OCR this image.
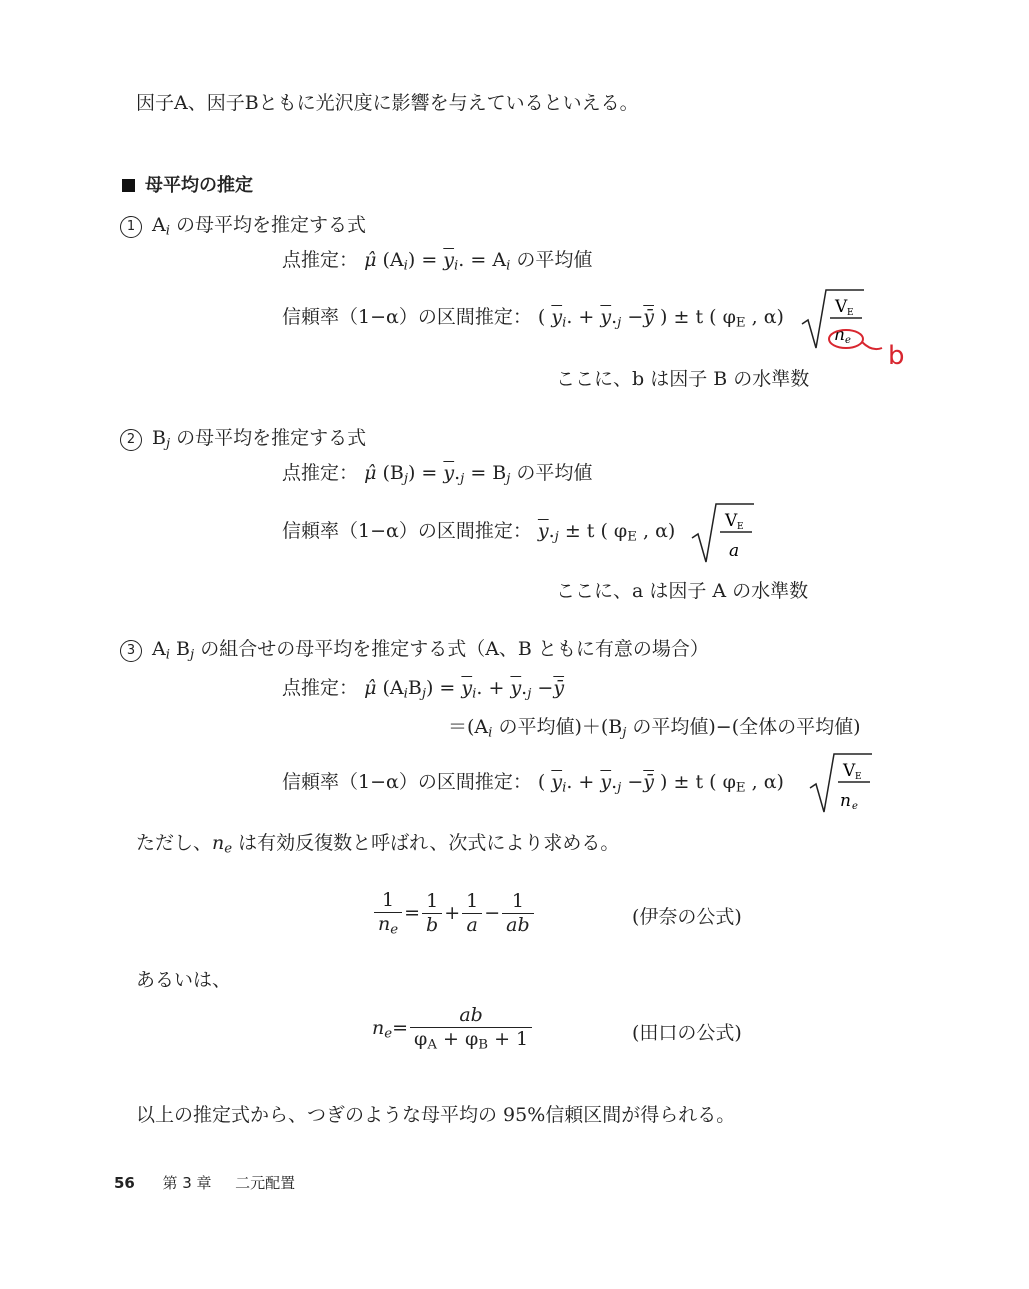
因子A、因子Bともに光沢度に影響を与えているといえる。
母平均の推定
1 $A_i$ の母平均を推定する式
点推定： μ̂ $(A_i) = \overline{y}_i$. = $A_i$ の平均値
信頼率（1−α）の区間推定： ( $\overline{y}_i$. + $\overline{y}._j -\overline{ȳ}$ ) ± t ( $\varphi_E$ , α)	V E
n e
b
ここに、b は因子 B の水準数
2 $B_j$ の母平均を推定する式
点推定： μ̂ $(B_j) = \overline{y}._j = B_j$ の平均値
信頼率（1−α）の区間推定： $\overline{y}._j \pm t$ ( $\varphi_E$ , α)	V E
a
ここに、a は因子 A の水準数
3 $A_i$ $B_j$ の組合せの母平均を推定する式（A、B ともに有意の場合）
点推定： μ̂ $(A_iB_j) = \overline{y}_i$. + $\overline{y}._j -\overline{ȳ}$
$=(A_i$ の平均値)$+(B_j$ の平均値)−(全体の平均値)
信頼率（1−α）の区間推定： ( $\overline{y}_i$. + $\overline{y}._j -\overline{ȳ}$ ) ± t ( $\varphi_E$ , α)	V E
n e
ただし、$n_e$ は有効反復数と呼ばれ、次式により求める。
$\frac{1}{n_e} = \frac{1}{b} + \frac{1}{a} - \frac{1}{ab}$	(伊奈の公式)
あるいは、
$n_e= \frac{ab}{\varphi_A + \varphi_B + 1}$	(田口の公式)
以上の推定式から、つぎのような母平均の 95%信頼区間が得られる。
56 第 3 章 二元配置
